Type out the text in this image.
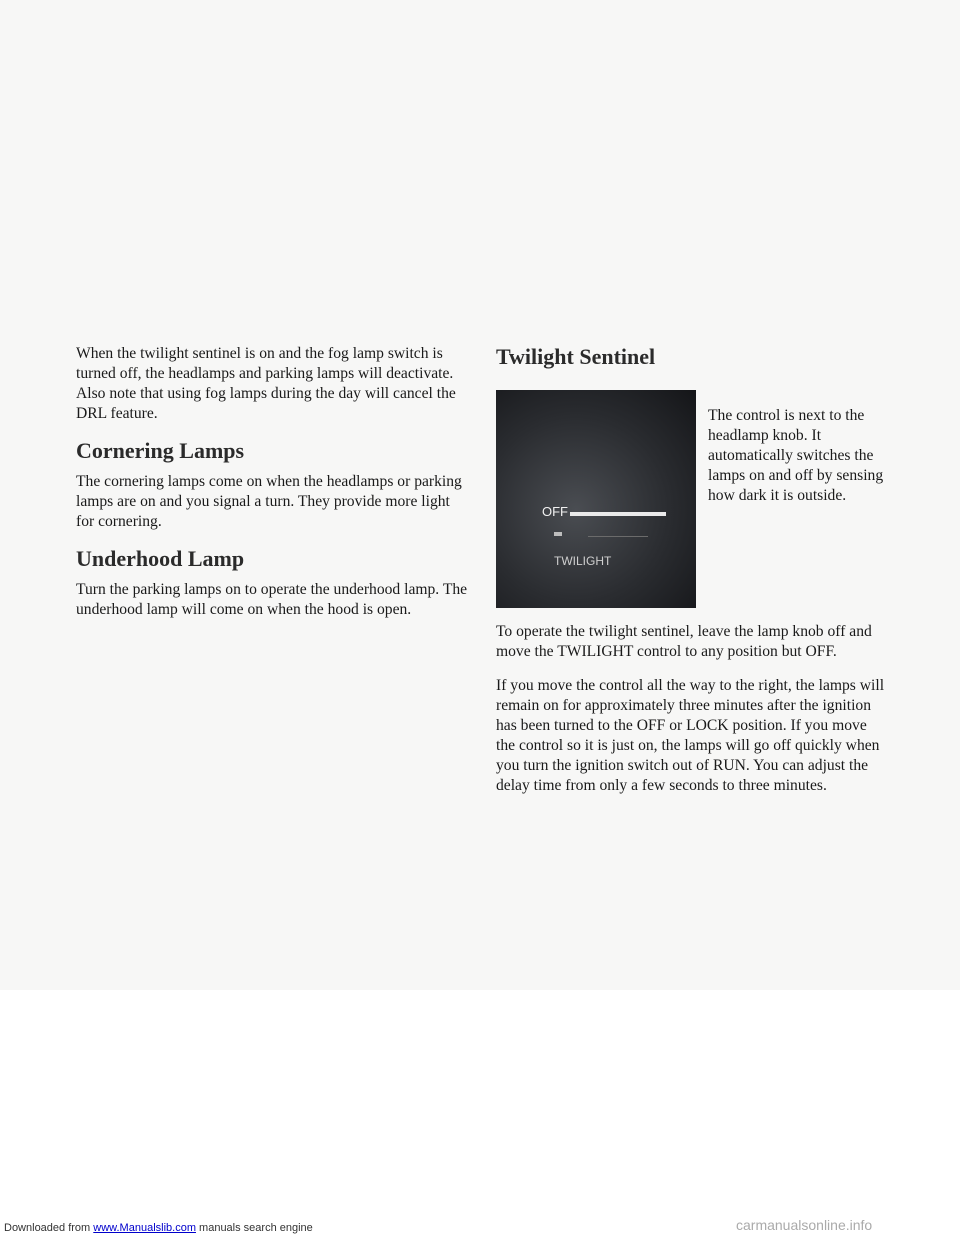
When the twilight sentinel is on and the fog lamp switch is turned off, the headlamps and parking lamps will deactivate. Also note that using fog lamps during the day will cancel the DRL feature.

Cornering Lamps

The cornering lamps come on when the headlamps or parking lamps are on and you signal a turn. They provide more light for cornering.

Underhood Lamp

Turn the parking lamps on to operate the underhood lamp. The underhood lamp will come on when the hood is open.

Twilight Sentinel
OFF
TWILIGHT

The control is next to the headlamp knob. It automatically switches the lamps on and off by sensing how dark it is outside.

To operate the twilight sentinel, leave the lamp knob off and move the TWILIGHT control to any position but OFF.

If you move the control all the way to the right, the lamps will remain on for approximately three minutes after the ignition has been turned to the OFF or LOCK position. If you move the control so it is just on, the lamps will go off quickly when you turn the ignition switch out of RUN. You can adjust the delay time from only a few seconds to three minutes.

Downloaded from www.Manualslib.com manuals search engine	carmanualsonline.info
